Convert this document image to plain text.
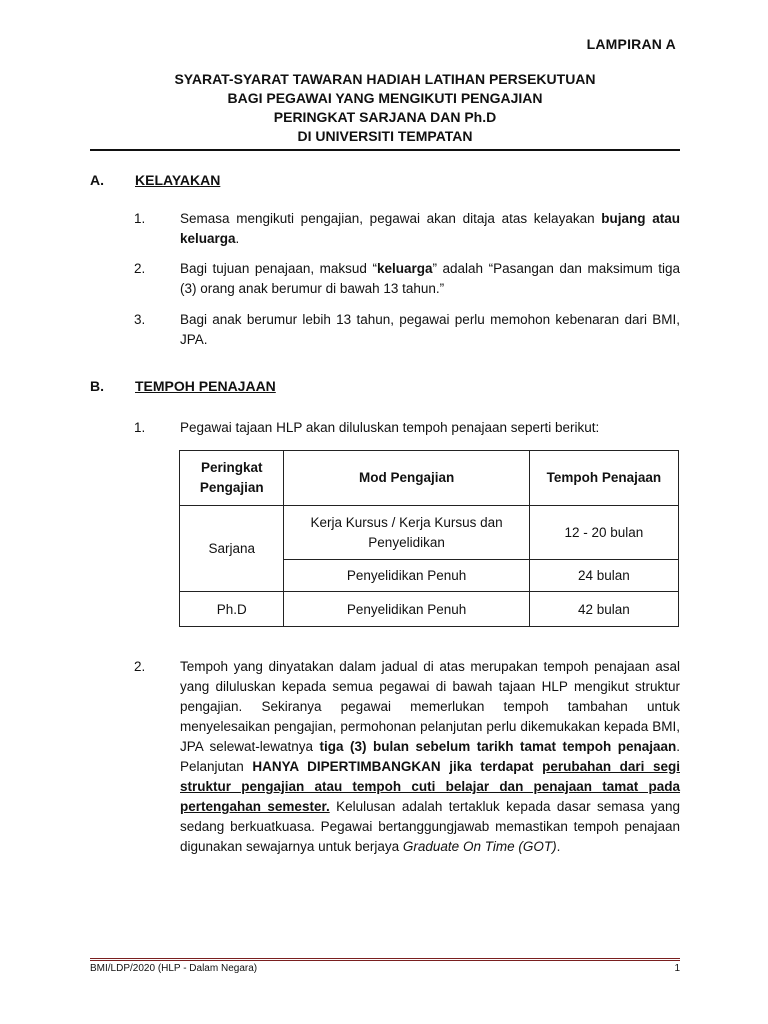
LAMPIRAN A
SYARAT-SYARAT TAWARAN HADIAH LATIHAN PERSEKUTUAN
BAGI PEGAWAI YANG MENGIKUTI PENGAJIAN
PERINGKAT SARJANA DAN Ph.D
DI UNIVERSITI TEMPATAN
A. KELAYAKAN
1.	Semasa mengikuti pengajian, pegawai akan ditaja atas kelayakan bujang atau keluarga.
2.	Bagi tujuan penajaan, maksud “keluarga” adalah “Pasangan dan maksimum tiga (3) orang anak berumur di bawah 13 tahun.”
3.	Bagi anak berumur lebih 13 tahun, pegawai perlu memohon kebenaran dari BMI, JPA.
B. TEMPOH PENAJAAN
1.	Pegawai tajaan HLP akan diluluskan tempoh penajaan seperti berikut:
Peringkat Pengajian	Mod Pengajian	Tempoh Penajaan
Sarjana	Kerja Kursus / Kerja Kursus dan Penyelidikan	12 - 20 bulan
	Penyelidikan Penuh	24 bulan
Ph.D	Penyelidikan Penuh	42 bulan
2.	Tempoh yang dinyatakan dalam jadual di atas merupakan tempoh penajaan asal yang diluluskan kepada semua pegawai di bawah tajaan HLP mengikut struktur pengajian. Sekiranya pegawai memerlukan tempoh tambahan untuk menyelesaikan pengajian, permohonan pelanjutan perlu dikemukakan kepada BMI, JPA selewat-lewatnya tiga (3) bulan sebelum tarikh tamat tempoh penajaan. Pelanjutan HANYA DIPERTIMBANGKAN jika terdapat perubahan dari segi struktur pengajian atau tempoh cuti belajar dan penajaan tamat pada pertengahan semester. Kelulusan adalah tertakluk kepada dasar semasa yang sedang berkuatkuasa. Pegawai bertanggungjawab memastikan tempoh penajaan digunakan sewajarnya untuk berjaya Graduate On Time (GOT).
BMI/LDP/2020 (HLP - Dalam Negara)	1
